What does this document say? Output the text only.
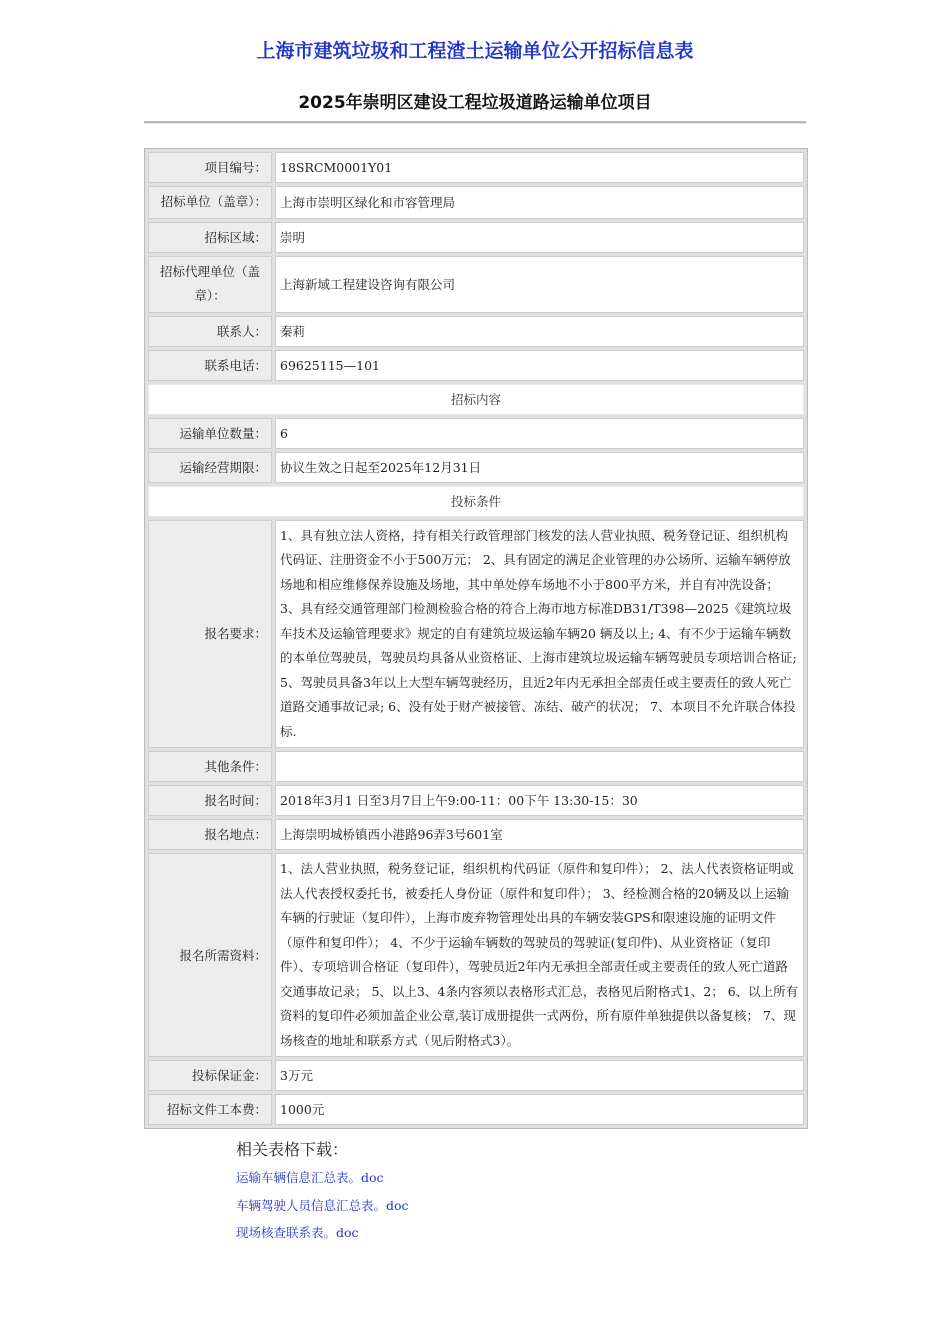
上海市建筑垃圾和工程渣土运输单位公开招标信息表
2025年崇明区建设工程垃圾道路运输单位项目
项目编号：	18SRCM0001Y01
招标单位（盖章）：	上海市崇明区绿化和市容管理局
招标区域：	崇明
招标代理单位（盖章）：	上海新域工程建设咨询有限公司
联系人：	秦莉
联系电话：	69625115—101
招标内容	
运输单位数量：	6
运输经营期限：	协议生效之日起至2025年12月31日
投标条件	
报名要求：	1、具有独立法人资格，持有相关行政管理部门核发的法人营业执照、税务登记证、组织机构代码证、注册资金不小于500万元； 2、具有固定的满足企业管理的办公场所、运输车辆停放场地和相应维修保养设施及场地，其中单处停车场地不小于800平方米，并自有冲洗设备； 3、具有经交通管理部门检测检验合格的符合上海市地方标准DB31/T398—2025《建筑垃圾车技术及运输管理要求》规定的自有建筑垃圾运输车辆20 辆及以上; 4、有不少于运输车辆数的本单位驾驶员，驾驶员均具备从业资格证、上海市建筑垃圾运输车辆驾驶员专项培训合格证; 5、驾驶员具备3年以上大型车辆驾驶经历，且近2年内无承担全部责任或主要责任的致人死亡道路交通事故记录; 6、没有处于财产被接管、冻结、破产的状况； 7、本项目不允许联合体投标.
其他条件：	
报名时间：	2018年3月1 日至3月7日上午9:00-11：00下午 13:30-15：30
报名地点：	上海崇明城桥镇西小港路96弄3号601室
报名所需资料：	1、法人营业执照，税务登记证，组织机构代码证（原件和复印件）； 2、法人代表资格证明或法人代表授权委托书，被委托人身份证（原件和复印件）； 3、经检测合格的20辆及以上运输车辆的行驶证（复印件），上海市废弃物管理处出具的车辆安装GPS和限速设施的证明文件（原件和复印件）； 4、不少于运输车辆数的驾驶员的驾驶证(复印件)、从业资格证（复印件）、专项培训合格证（复印件），驾驶员近2年内无承担全部责任或主要责任的致人死亡道路交通事故记录； 5、以上3、4条内容须以表格形式汇总，表格见后附格式1、2； 6、以上所有资料的复印件必须加盖企业公章,装订成册提供一式两份，所有原件单独提供以备复核； 7、现场核查的地址和联系方式（见后附格式3）。
投标保证金：	3万元
招标文件工本费：	1000元
相关表格下载：
运输车辆信息汇总表。doc
车辆驾驶人员信息汇总表。doc
现场核查联系表。doc
